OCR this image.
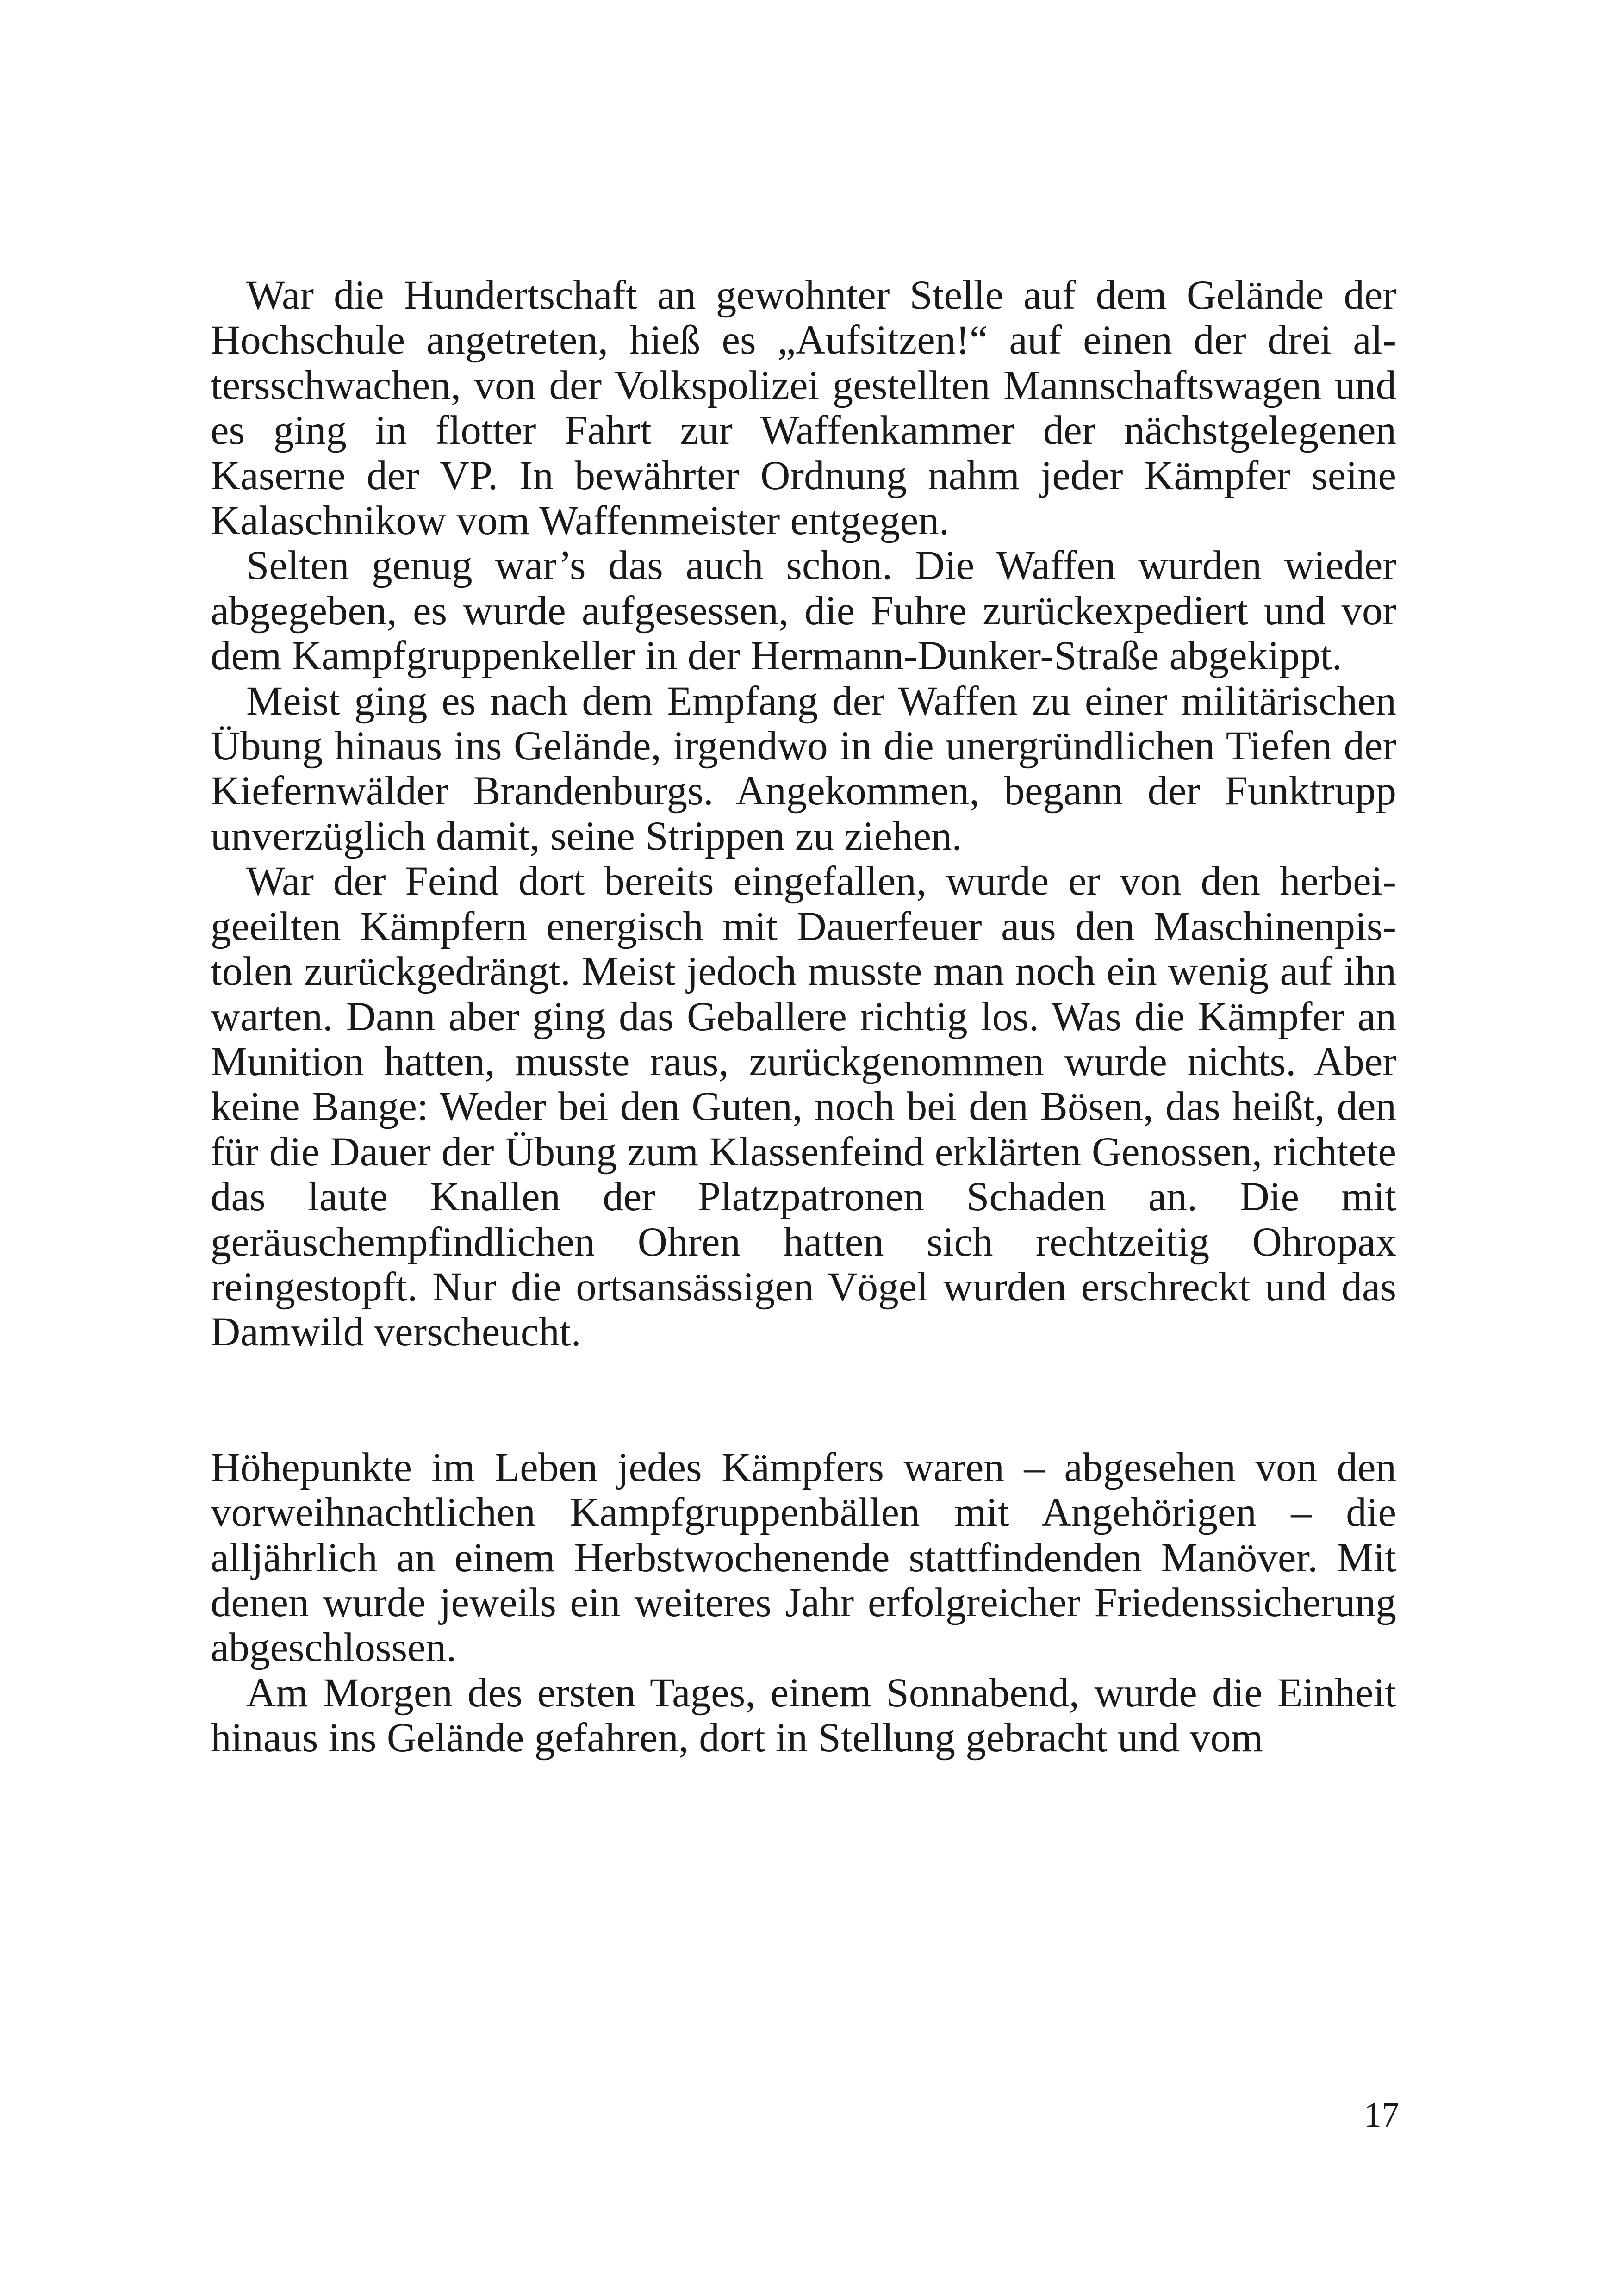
War die Hundertschaft an gewohnter Stelle auf dem Gelände der Hochschule angetreten, hieß es „Aufsitzen!“ auf einen der drei altersschwachen, von der Volkspolizei gestellten Mannschaftswagen und es ging in flotter Fahrt zur Waffenkammer der nächstgelegenen Kaserne der VP. In bewährter Ordnung nahm jeder Kämpfer seine Kalaschnikow vom Waffenmeister entgegen.

Selten genug war’s das auch schon. Die Waffen wurden wieder abgegeben, es wurde aufgesessen, die Fuhre zurückexpediert und vor dem Kampfgruppenkeller in der Hermann-Dunker-Straße abgekippt.

Meist ging es nach dem Empfang der Waffen zu einer militärischen Übung hinaus ins Gelände, irgendwo in die unergründlichen Tiefen der Kiefernwälder Brandenburgs. Angekommen, begann der Funktrupp unverzüglich damit, seine Strippen zu ziehen.

War der Feind dort bereits eingefallen, wurde er von den herbeigeeilten Kämpfern energisch mit Dauerfeuer aus den Maschinenpistolen zurückgedrängt. Meist jedoch musste man noch ein wenig auf ihn warten. Dann aber ging das Geballere richtig los. Was die Kämpfer an Munition hatten, musste raus, zurückgenommen wurde nichts. Aber keine Bange: Weder bei den Guten, noch bei den Bösen, das heißt, den für die Dauer der Übung zum Klassenfeind erklärten Genossen, richtete das laute Knallen der Platzpatronen Schaden an. Die mit geräuschempfindlichen Ohren hatten sich rechtzeitig Ohropax reingestopft. Nur die ortsansässigen Vögel wurden erschreckt und das Damwild verscheucht.

Höhepunkte im Leben jedes Kämpfers waren – abgesehen von den vorweihnachtlichen Kampfgruppenbällen mit Angehörigen – die alljährlich an einem Herbstwochenende stattfindenden Manöver. Mit denen wurde jeweils ein weiteres Jahr erfolgreicher Friedenssicherung abgeschlossen.

Am Morgen des ersten Tages, einem Sonnabend, wurde die Einheit hinaus ins Gelände gefahren, dort in Stellung gebracht und vom

17
